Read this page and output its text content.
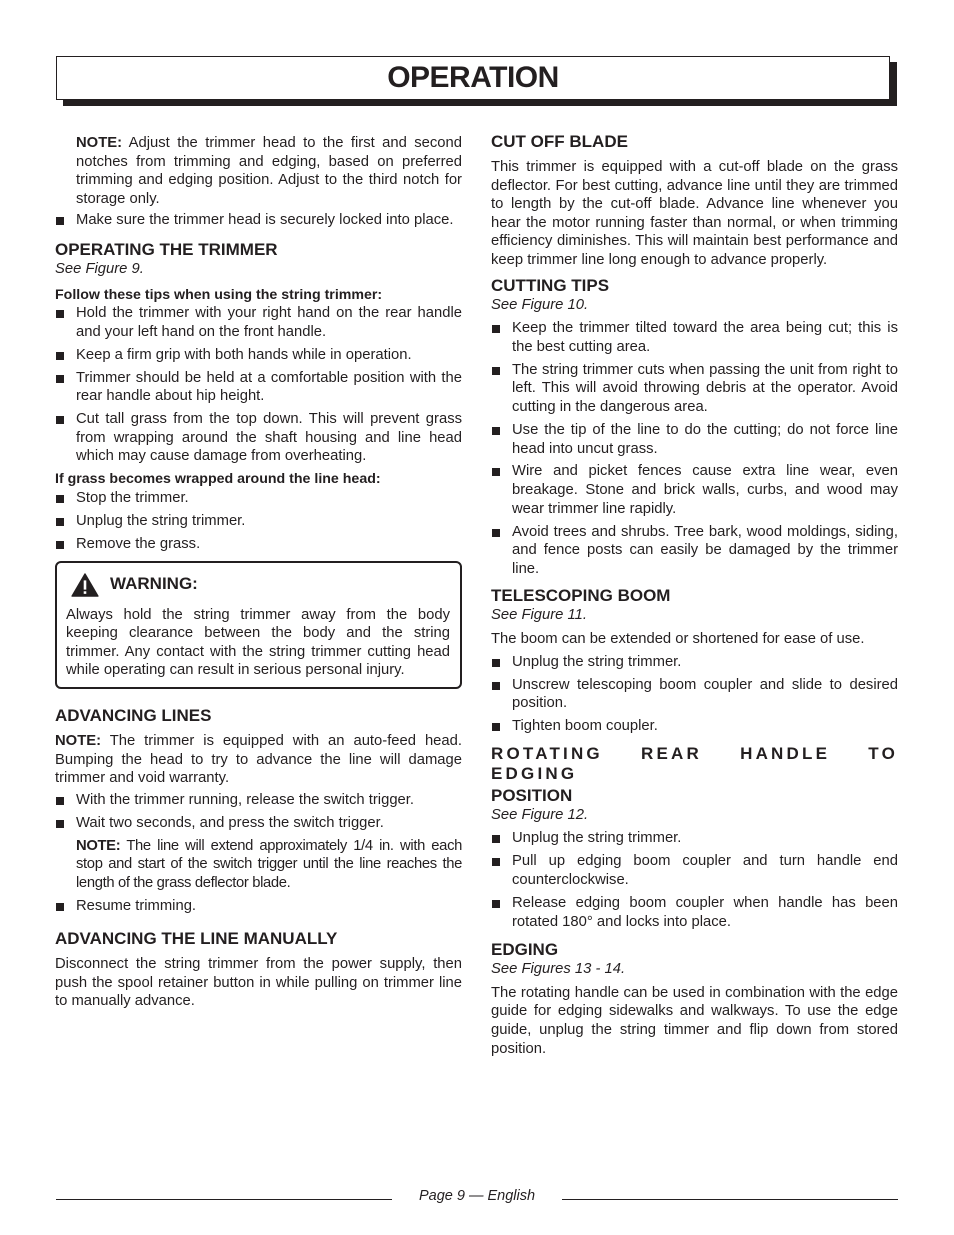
OPERATION

NOTE: Adjust the trimmer head to the first and second notches from trimming and edging, based on preferred trimming and edging position. Adjust to the third notch for storage only.

Make sure the trimmer head is securely locked into place.

OPERATING THE TRIMMER

See Figure 9.

Follow these tips when using the string trimmer:

Hold the trimmer with your right hand on the rear handle and your left hand on the front handle.
Keep a firm grip with both hands while in operation.
Trimmer should be held at a comfortable position with the rear handle about hip height.
Cut tall grass from the top down. This will prevent grass from wrapping around the shaft housing and line head which may cause damage from overheating.

If grass becomes wrapped around the line head:

Stop the trimmer.
Unplug the string trimmer.
Remove the grass.
WARNING:

Always hold the string trimmer away from the body keeping clearance between the body and the string trimmer. Any contact with the string trimmer cutting head while operating can result in serious personal injury.

ADVANCING LINES

NOTE: The trimmer is equipped with an auto-feed head. Bumping the head to try to advance the line will damage trimmer and void warranty.

With the trimmer running, release the switch trigger.
Wait two seconds, and press the switch trigger.

NOTE: The line will extend approximately 1/4 in. with each stop and start of the switch trigger until the line reaches the length of the grass deflector blade.

Resume trimming.

ADVANCING THE LINE MANUALLY

Disconnect the string trimmer from the power supply, then push the spool retainer button in while pulling on trimmer line to manually advance.

CUT OFF BLADE

This trimmer is equipped with a cut-off blade on the grass deflector. For best cutting, advance line until they are trimmed to length by the cut-off blade. Advance line whenever you hear the motor running faster than normal, or when trimming efficiency diminishes. This will maintain best performance and keep trimmer line long enough to advance properly.

CUTTING TIPS

See Figure 10.

Keep the trimmer tilted toward the area being cut; this is the best cutting area.
The string trimmer cuts when passing the unit from right to left. This will avoid throwing debris at the operator. Avoid cutting in the dangerous area.
Use the tip of the line to do the cutting; do not force line head into uncut grass.
Wire and picket fences cause extra line wear, even breakage. Stone and brick walls, curbs, and wood may wear trimmer line rapidly.
Avoid trees and shrubs. Tree bark, wood moldings, siding, and fence posts can easily be damaged by the trimmer line.

TELESCOPING BOOM

See Figure 11.

The boom can be extended or shortened for ease of use.

Unplug the string trimmer.
Unscrew telescoping boom coupler and slide to desired position.
Tighten boom coupler.

ROTATING REAR HANDLE TO EDGING

POSITION

See Figure 12.

Unplug the string trimmer.
Pull up edging boom coupler and turn handle end counterclockwise.
Release edging boom coupler when handle has been rotated 180° and locks into place.

EDGING

See Figures 13 - 14.

The rotating handle can be used in combination with the edge guide for edging sidewalks and walkways. To use the edge guide, unplug the string timmer and flip down from stored position.

Page 9 — English
